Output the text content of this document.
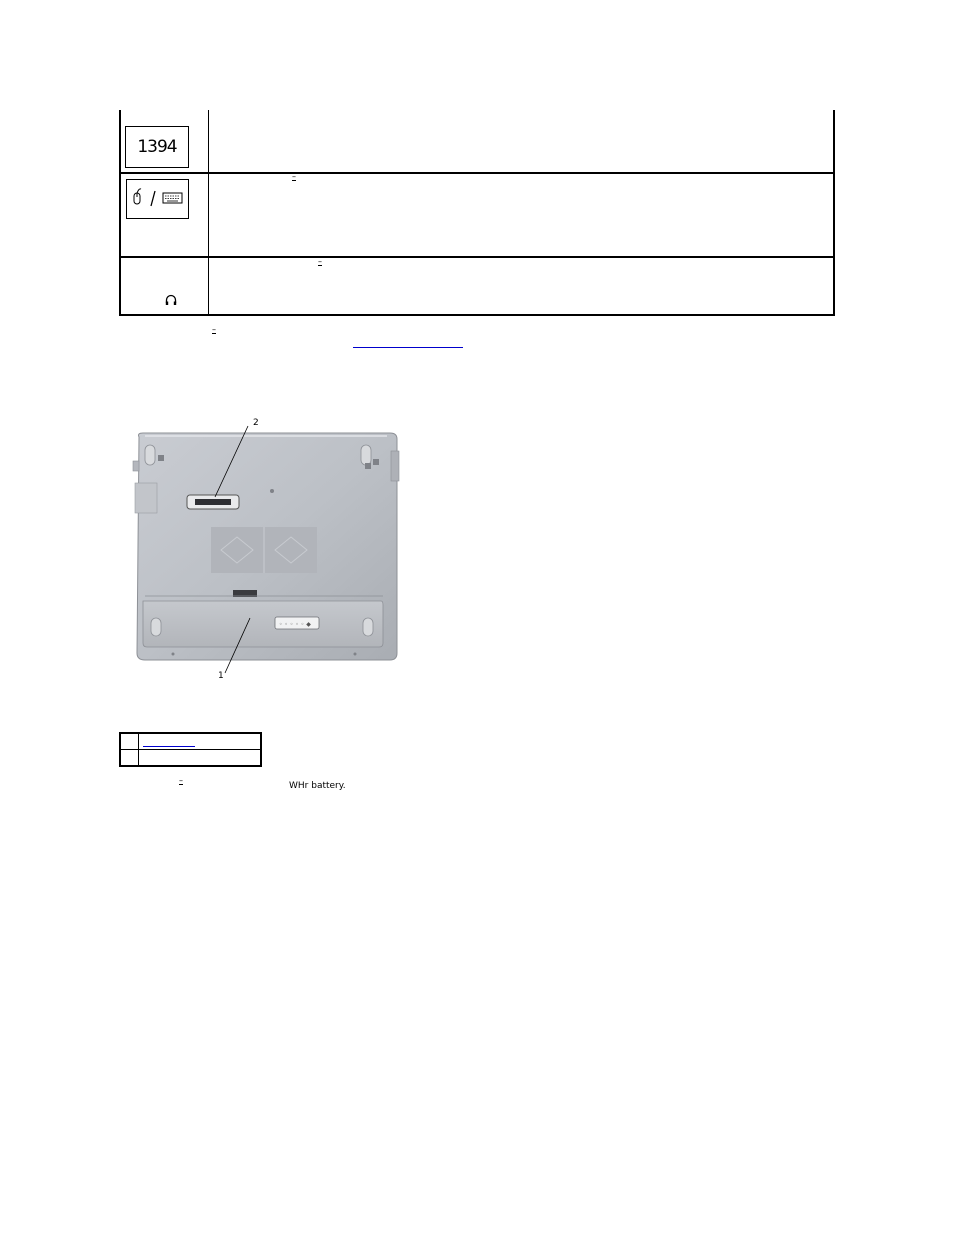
1394
–
–
–
◦ ◦ ◦ ◦ ◦ ◆
2
1
–
WHr battery.
